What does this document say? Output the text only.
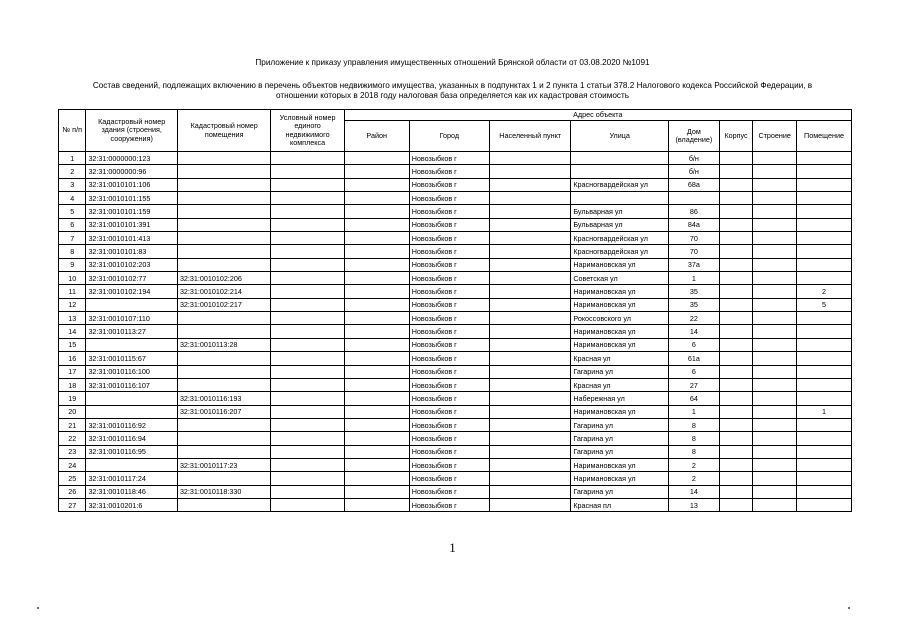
Приложение к приказу управления имущественных отношений Брянской области от 03.08.2020 №1091
Состав сведений, подлежащих включению в перечень объектов недвижимого имущества, указанных в подпунктах 1 и 2 пункта 1 статьи 378.2 Налогового кодекса Российской Федерации, в
отношении которых в 2018 году налоговая база определяется как их кадастровая стоимость
№ п/п	Кадастровый номер здания (строения, сооружения)	Кадастровый номер помещения	Условный номер единого недвижимого комплекса	Адрес объекта							
				Район	Город	Населенный пункт	Улица	Дом (владение)	Корпус	Строение	Помещение
1	32:31:0000000:123				Новозыбков г			б/н			
2	32:31:0000000:96				Новозыбков г			б/н			
3	32:31:0010101:106				Новозыбков г		Красногвардейская ул	68а			
4	32:31:0010101:155				Новозыбков г						
5	32:31:0010101:159				Новозыбков г		Бульварная ул	86			
6	32:31:0010101:391				Новозыбков г		Бульварная ул	84а			
7	32:31:0010101:413				Новозыбков г		Красногвардейская ул	70			
8	32:31:0010101:83				Новозыбков г		Красногвардейская ул	70			
9	32:31:0010102:203				Новозыбков г		Наримановская ул	37а			
10	32:31:0010102:77	32:31:0010102:206			Новозыбков г		Советская ул	1			
11	32:31:0010102:194	32:31:0010102:214			Новозыбков г		Наримановская ул	35			2
12		32:31:0010102:217			Новозыбков г		Наримановская ул	35			5
13	32:31:0010107:110				Новозыбков г		Рокоссовского ул	22			
14	32:31:0010113:27				Новозыбков г		Наримановская ул	14			
15		32:31:0010113:28			Новозыбков г		Наримановская ул	6			
16	32:31:0010115:67				Новозыбков г		Красная ул	61а			
17	32:31:0010116:100				Новозыбков г		Гагарина ул	6			
18	32:31:0010116:107				Новозыбков г		Красная ул	27			
19		32:31:0010116:193			Новозыбков г		Набережная ул	64			
20		32:31:0010116:207			Новозыбков г		Наримановская ул	1			1
21	32:31:0010116:92				Новозыбков г		Гагарина ул	8			
22	32:31:0010116:94				Новозыбков г		Гагарина ул	8			
23	32:31:0010116:95				Новозыбков г		Гагарина ул	8			
24		32:31:0010117:23			Новозыбков г		Наримановская ул	2			
25	32:31:0010117:24				Новозыбков г		Наримановская ул	2			
26	32:31:0010118:46	32:31:0010118:330			Новозыбков г		Гагарина ул	14			
27	32:31:0010201:6				Новозыбков г		Красная пл	13			
1
